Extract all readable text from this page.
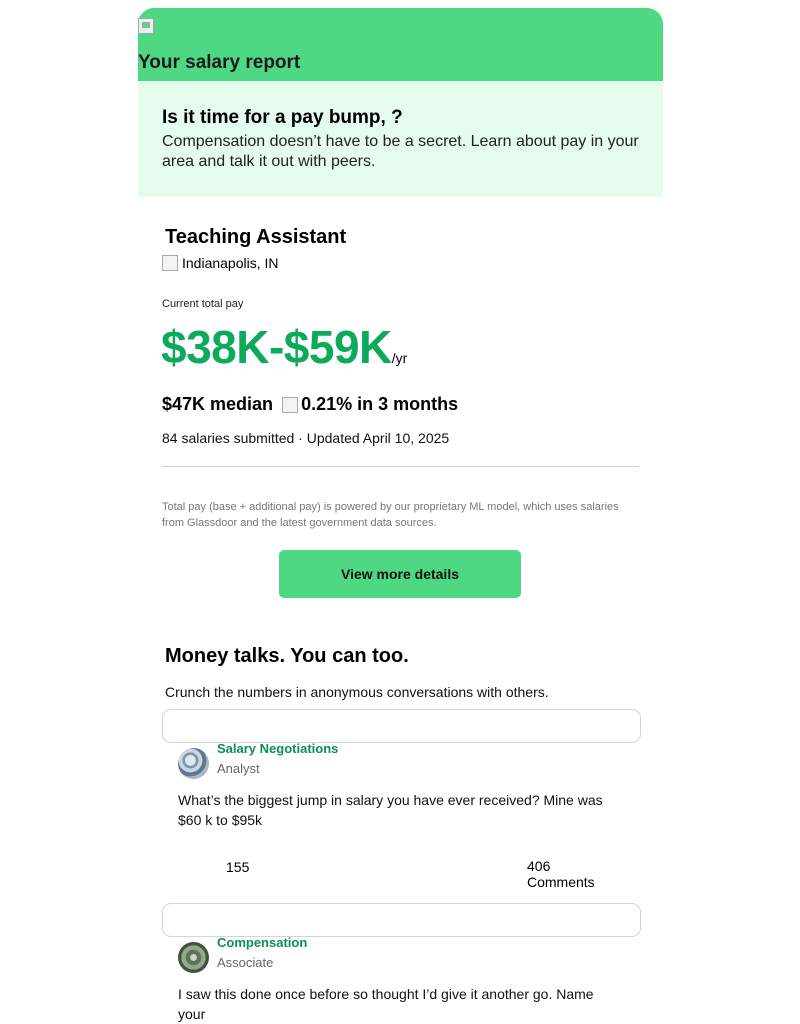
Your salary report
Is it time for a pay bump, ?

Compensation doesn’t have to be a secret. Learn about pay in your area and talk it out with peers.

Teaching Assistant
Indianapolis, IN
Current total pay
$38K-$59K/yr
$47K median 0.21% in 3 months
84 salaries submitted · Updated April 10, 2025
Total pay (base + additional pay) is powered by our proprietary ML model, which uses salaries from Glassdoor and the latest government data sources.
View more details
Money talks. You can too.
Crunch the numbers in anonymous conversations with others.
Salary Negotiations
Analyst
What’s the biggest jump in salary you have ever received? Mine was $60 k to $95k
155	406 Comments
Compensation
Associate
I saw this done once before so thought I’d give it another go. Name your
